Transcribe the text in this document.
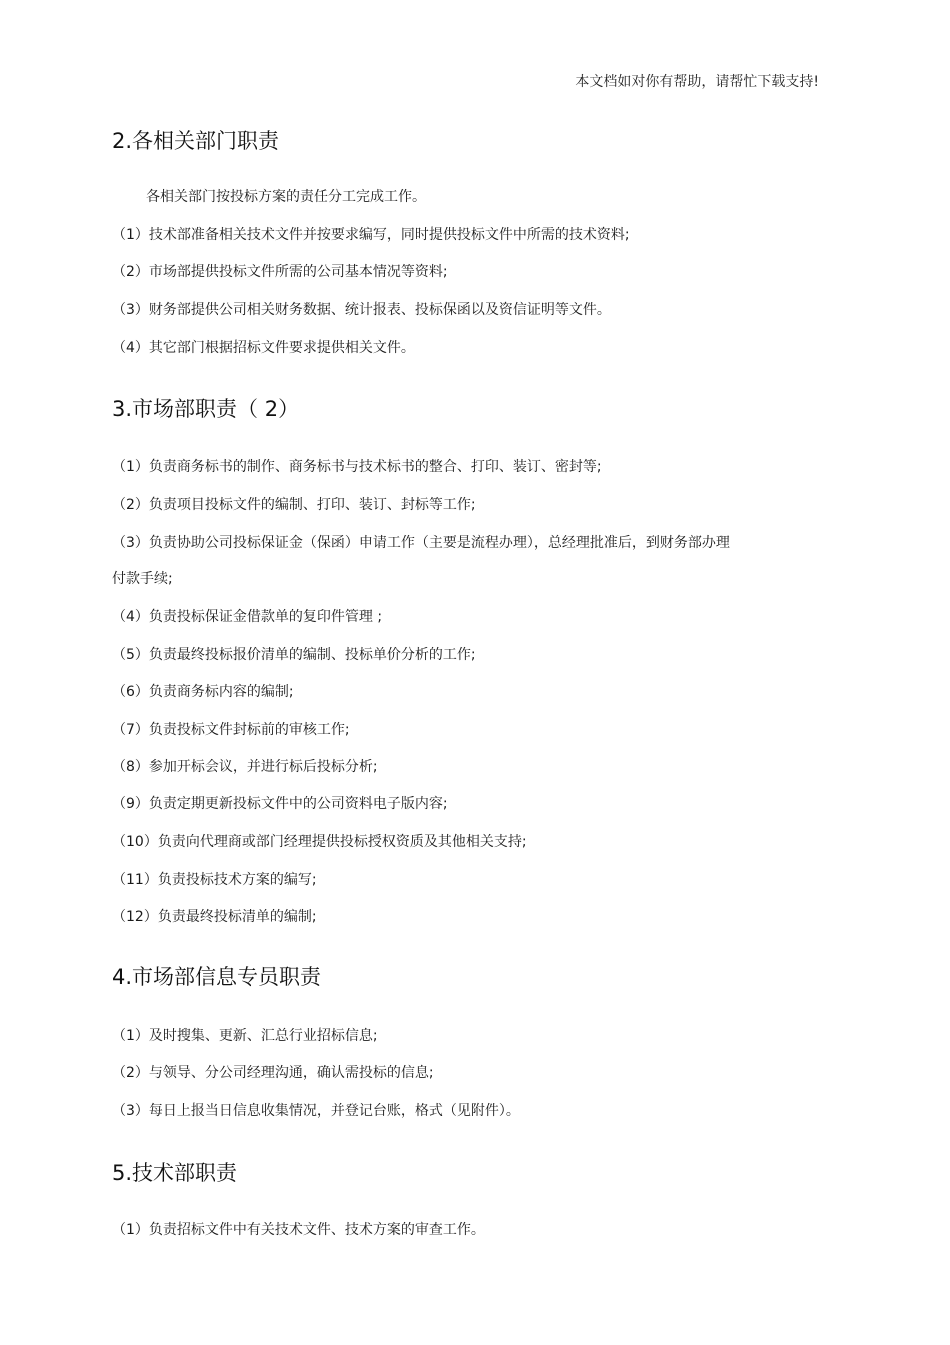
本文档如对你有帮助，请帮忙下载支持!
2.各相关部门职责
各相关部门按投标方案的责任分工完成工作。
（1）技术部准备相关技术文件并按要求编写，同时提供投标文件中所需的技术资料;
（2）市场部提供投标文件所需的公司基本情况等资料;
（3）财务部提供公司相关财务数据、统计报表、投标保函以及资信证明等文件。
（4）其它部门根据招标文件要求提供相关文件。
3.市场部职责（ 2）
（1）负责商务标书的制作、商务标书与技术标书的整合、打印、装订、密封等;
（2）负责项目投标文件的编制、打印、装订、封标等工作;
（3）负责协助公司投标保证金（保函）申请工作（主要是流程办理），总经理批准后，到财务部办理
付款手续;
（4）负责投标保证金借款单的复印件管理 ;
（5）负责最终投标报价清单的编制、投标单价分析的工作;
（6）负责商务标内容的编制;
（7）负责投标文件封标前的审核工作;
（8）参加开标会议，并进行标后投标分析;
（9）负责定期更新投标文件中的公司资料电子版内容;
（10）负责向代理商或部门经理提供投标授权资质及其他相关支持;
（11）负责投标技术方案的编写;
（12）负责最终投标清单的编制;
4.市场部信息专员职责
（1）及时搜集、更新、汇总行业招标信息;
（2）与领导、分公司经理沟通，确认需投标的信息;
（3）每日上报当日信息收集情况，并登记台账，格式（见附件）。
5.技术部职责
（1）负责招标文件中有关技术文件、技术方案的审查工作。
